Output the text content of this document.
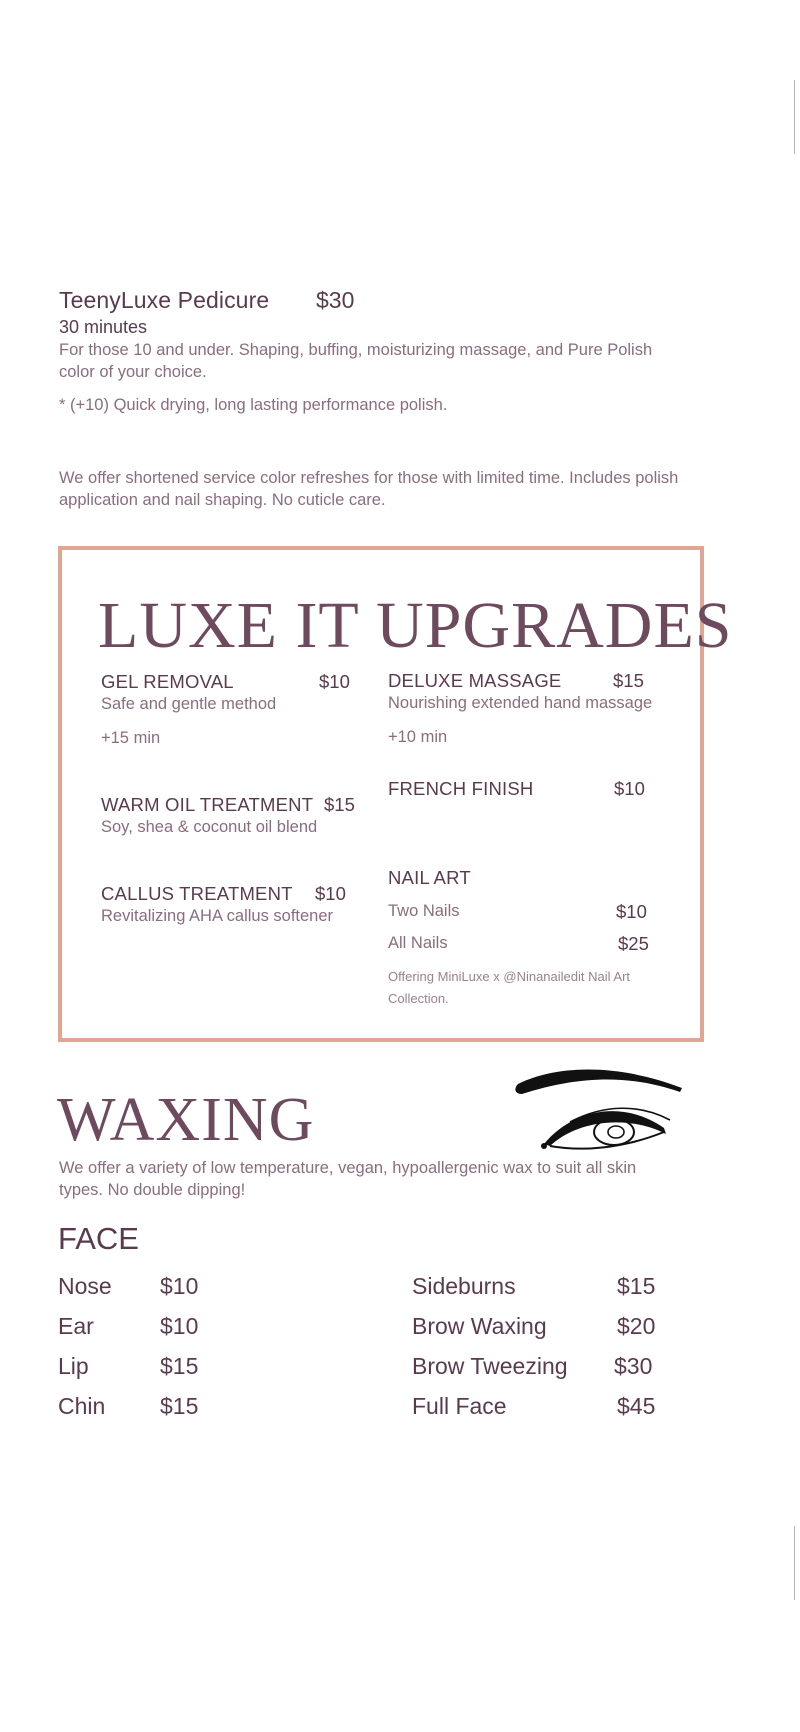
TeenyLuxe Pedicure $30
30 minutes
For those 10 and under. Shaping, buffing, moisturizing massage, and Pure Polish
color of your choice.
* (+10) Quick drying, long lasting performance polish.
We offer shortened service color refreshes for those with limited time. Includes polish
application and nail shaping. No cuticle care.
LUXE IT UPGRADES
GEL REMOVAL	$10
Safe and gentle method
+15 min
WARM OIL TREATMENT $15
Soy, shea & coconut oil blend
CALLUS TREATMENT $10
Revitalizing AHA callus softener
DELUXE MASSAGE	$15
Nourishing extended hand massage
+10 min
FRENCH FINISH	$10
NAIL ART
Two Nails	$10
All Nails	$25
Offering MiniLuxe x @Ninanailedit Nail Art
Collection.
WAXING
We offer a variety of low temperature, vegan, hypoallergenic wax to suit all skin
types. No double dipping!
FACE
Nose $10
Ear	$10
Lip	$15
Chin $15
Sideburns	$15
Brow Waxing	$20
Brow Tweezing $30
Full Face	$45
